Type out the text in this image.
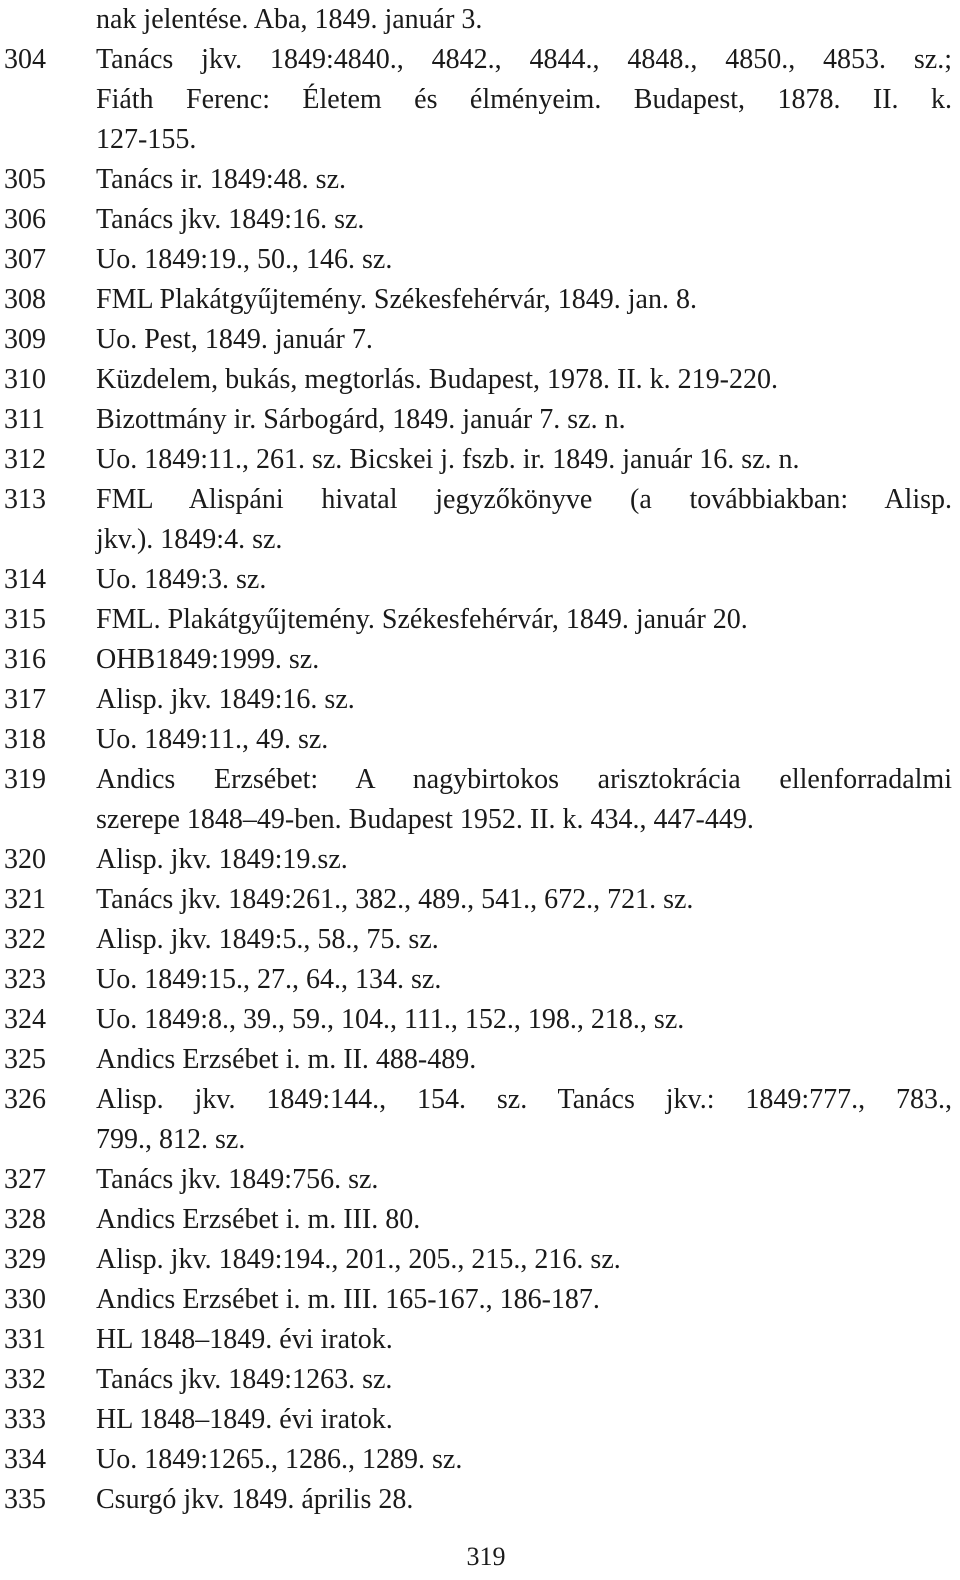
nak jelentése. Aba, 1849. január 3.
304	Tanács jkv. 1849:4840., 4842., 4844., 4848., 4850., 4853. sz.;
Fiáth Ferenc: Életem és élményeim. Budapest, 1878. II. k.
127-155.
305	Tanács ir. 1849:48. sz.
306	Tanács jkv. 1849:16. sz.
307	Uo. 1849:19., 50., 146. sz.
308	FML Plakátgyűjtemény. Székesfehérvár, 1849. jan. 8.
309	Uo. Pest, 1849. január 7.
310	Küzdelem, bukás, megtorlás. Budapest, 1978. II. k. 219-220.
311	Bizottmány ir. Sárbogárd, 1849. január 7. sz. n.
312	Uo. 1849:11., 261. sz. Bicskei j. fszb. ir. 1849. január 16. sz. n.
313	FML Alispáni hivatal jegyzőkönyve (a továbbiakban: Alisp.
jkv.). 1849:4. sz.
314	Uo. 1849:3. sz.
315	FML. Plakátgyűjtemény. Székesfehérvár, 1849. január 20.
316	OHB1849:1999. sz.
317	Alisp. jkv. 1849:16. sz.
318	Uo. 1849:11., 49. sz.
319	Andics Erzsébet: A nagybirtokos arisztokrácia ellenforradalmi
szerepe 1848–49-ben. Budapest 1952. II. k. 434., 447-449.
320	Alisp. jkv. 1849:19.sz.
321	Tanács jkv. 1849:261., 382., 489., 541., 672., 721. sz.
322	Alisp. jkv. 1849:5., 58., 75. sz.
323	Uo. 1849:15., 27., 64., 134. sz.
324	Uo. 1849:8., 39., 59., 104., 111., 152., 198., 218., sz.
325	Andics Erzsébet i. m. II. 488-489.
326	Alisp. jkv. 1849:144., 154. sz. Tanács jkv.: 1849:777., 783.,
799., 812. sz.
327	Tanács jkv. 1849:756. sz.
328	Andics Erzsébet i. m. III. 80.
329	Alisp. jkv. 1849:194., 201., 205., 215., 216. sz.
330	Andics Erzsébet i. m. III. 165-167., 186-187.
331	HL 1848–1849. évi iratok.
332	Tanács jkv. 1849:1263. sz.
333	HL 1848–1849. évi iratok.
334	Uo. 1849:1265., 1286., 1289. sz.
335	Csurgó jkv. 1849. április 28.
319
